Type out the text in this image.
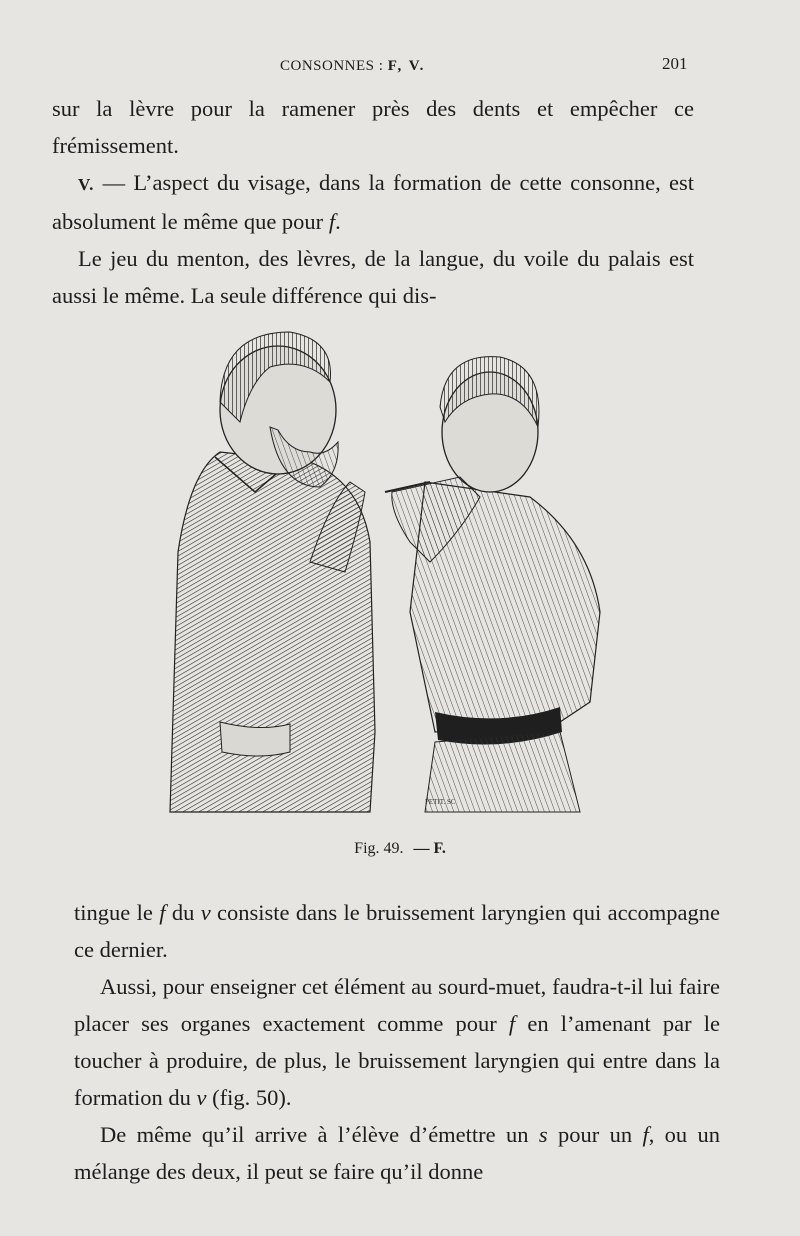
CONSONNES : F, V.	201

sur la lèvre pour la ramener près des dents et empêcher ce frémissement.

V. — L’aspect du visage, dans la formation de cette consonne, est absolument le même que pour f.

Le jeu du menton, des lèvres, de la langue, du voile du palais est aussi le même. La seule différence qui dis-

PETIT. SC
Fig. 49. — F.

tingue le f du v consiste dans le bruissement laryngien qui accompagne ce dernier.

Aussi, pour enseigner cet élément au sourd-muet, faudra-t-il lui faire placer ses organes exactement comme pour f en l’amenant par le toucher à produire, de plus, le bruissement laryngien qui entre dans la formation du v (fig. 50).

De même qu’il arrive à l’élève d’émettre un s pour un f, ou un mélange des deux, il peut se faire qu’il donne
